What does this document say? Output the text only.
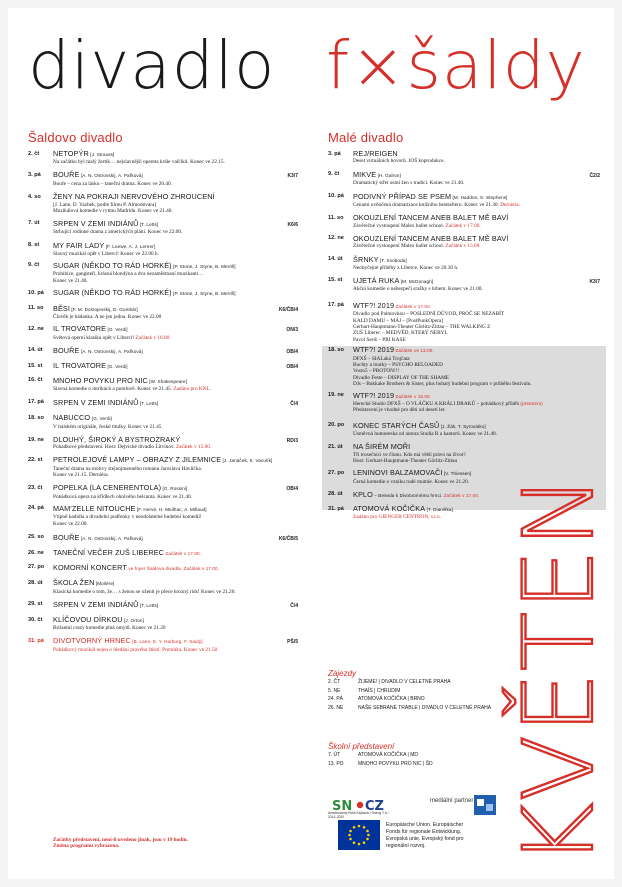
divadlo f×šaldy
Šaldovo divadlo	Malé divadlo
2. čt	NETOPÝR [J. Strauss]
Na začátku byl malý žertík… nejslavnější opereta krále valčíků. Konec ve 22.15.
3. pá	BOUŘE [A. N. Ostrovskij, A. Pařková]
Bouře – cena za lásku – taneční drama. Konec ve 20.40.
K3/7
4. so	ŽENY NA POKRAJI NERVOVÉHO ZHROUCENÍ
[J. Lane, D. Yazbek, podle filmu P. Almodóvara]
Muzikálová komedie v rytmu Madridu. Konec ve 21.40.
7. út	SRPEN V ZEMI INDIÁNŮ [T. Letts]
Strhující rodinné drama z amerických plání. Konec ve 22.00.
K6/6
8. st	MY FAIR LADY [F. Loewe, A. J. Lerner]
Slavný muzikál opět v Liberci! Konec ve 22.00 h.
9. čt	SUGAR (NĚKDO TO RÁD HORKÉ) [P. Stone, J. Styne, B. Merrill]
Prohibice, gangsteři, krásná blondýna a dva nezaměstnaní muzikanti…
Konec ve 21.40.
10. pá	SUGAR (NĚKDO TO RÁD HORKÉ) [P. Stone, J. Styne, B. Merrill]
11. so	BĚSI [F. M. Dostojevskij, D. Gombár]
Člověk je hádanka. A ne jen jedna. Konec ve 22.00
K6/ČB/4
12. ne	IL TROVATORE [G. Verdi]
Světová operní klasika opět v Liberci! Začátek v 16.00.
ON/3
14. út	BOUŘE [A. N. Ostrovskij, A. Pařková]	OB/4
15. st	IL TROVATORE [G. Verdi]	OB/4
16. čt	MNOHO POVYKU PRO NIC [W. Shakespeare]
Slavná komedie o intrikách a pomluvě. Konec ve 21.45. Zadáno pro KNL.
17. pá	SRPEN V ZEMI INDIÁNŮ [T. Letts]	Č/4
18. so	NABUCCO (G. Verdi)
V italském originále, české titulky. Konec ve 21.45
19. ne	DLOUHÝ, ŠIROKÝ A BYSTROZRAKÝ
Pohádkové představení. Host: Dejvické divadlo Litvínov. Začátek v 15.00.
RD/3
22. st	PETROLEJOVÉ LAMPY – OBRAZY Z JILEMNICE [J. Janáček, K. Vaculík]
Taneční drama na motivy stejnojmenného románu Jaroslava Havlíčka.
Konec ve 21.15. Derniéra.
23. čt	POPELKA (LA CENERENTOLA) [G. Rossini]
Pohádková opera na křídlech ohnivého belcanta. Konec ve 21.40.
OB/4
24. pá	MAM'ZELLE NITOUCHE [F. Hervé, H. Meilhac, A. Millaud]
Vtipně kadidla a divadelní pudřenky v neodolatelné hudební komedii!
Konec ve 22.00.
25. so	BOUŘE [A. N. Ostrovskij, A. Pařková]	K6/ČB/5
26. ne	TANEČNÍ VEČER ZUŠ LIBEREC Začátek v 17.00.
27. po	KOMORNÍ KONCERT ve foyer Šaldova divadla. Začátek v 17.00.
28. út	ŠKOLA ŽEN [Molière]
Klasická komedie o tom, že… s ženou se oženit je přece hrozný risk! Konec ve 21.20.
29. st	SRPEN V ZEMI INDIÁNŮ [T. Letts]	Č/4
30. čt	KLÍČOVOU DÍRKOU [J. Orton]
Brilantní crazy komedie plná omylů. Konec ve 21.20
31. pá	DIVOTVORNÝ HRNEC [B. Lane, E. Y. Harburg, F. Saidy]
Pohádkový muzikál nejen o hledání pravého štěstí. Premiéra. Konec ve 21.50
PŠ/5
3. pá	REJ/REIGEN
Deset virtuálních hovorů. JOŠ koprodukce.
9. čt	MIKVE [H. Galron]
Dramatický střet osmi žen s tradicí. Konec ve 21.40.
Č2/2
10. pá	PODIVNÝ PŘÍPAD SE PSEM [M. Haddon, S. Stephens]
Cenami ověnčená dramatizace knižního bestselleru. Konec ve 21.30. Derniéra.
11. so	OKOUZLENÍ TANCEM ANEB BALET MĚ BAVÍ
Závěrečné vystoupení Malex ballet school. Začátek v 17.00.
12. ne	OKOUZLENÍ TANCEM ANEB BALET MĚ BAVÍ
Závěrečné vystoupení Malex ballet school. Začátek v 15.00.
14. út	ŠRNKY [T. Svoboda]
Neobyčejné příběhy z Liberce. Konec ve 20.30 h.
15. st	UJETÁ RUKA [M. McDonagh]
Akční komedie o nebezpečí sražky s hrbem. Konec ve 21.00.
K3/7
17. pá	WTF?! 2019 Začátek v 17.00.
Divadlo pod Palmovkou – POSLEDNÍ DŮVOD, PROČ SE NEZABÍT
KALD DAMU – MÁJ – [PostPunkOpera]
Gerhart-Hauptmann-Theater Görlitz-Zittau – THE WALKING Z
ZUŠ Liberec – MEDVĚD, KTERÝ NEBYL
Pavol Seriš – PRI KASE
18. so	WTF?! 2019 Začátek ve 13.00.
DFXŠ – SIALaká Trojčata
Buchty a loutky – PSYCHO RELOADED
Vosto5 – PROTON!!!
Divadlo Feste – DISPLAY OF THE SHAME
DJs – Bukkake Brothers & Sister, plus bohatý hudební program v průběhu festivalu.
19. ne	WTF?! 2019 Začátek v 15.00.
Herecké Studio DFXŠ – O VLÁČKU A KRÁLI DRAKŮ – pohádkový příběh (premiéra)
Představení je vhodné pro děti od deseti let.
20. po	KONEC STARÝCH ČASŮ [J. Žák, T. Syrovátko]
Úsměvná humoreska od autora Studia R a kantorů. Konec ve 21.40.
21. út	NA ŠIRÉM MOŘI
Tři trosečníci ve člunu. Kdo má větší právo na život?
Host: Gerhart-Hauptmann-Theater Görlitz-Zittau
27. po	LENINOVI BALZAMOVAČI [V. Thiessen]
Černá komedie o vzniku rudé mumie. Konec ve 21.20.
28. út	KPLO – Beseda k Divotvornému hrnci. Začátek v 17.00.
31. pá	ATOMOVÁ KOČIČKA [T. Dianiška]
Zadáno pro GIENGER CENTRON, s.r.o.
Začátky představení, není-li uvedeno jinak, jsou v 19 hodin.
Změna programu vyhrazena.
Zájezdy
2. ČT	ŽIJEME! | DIVADLO V CELETNÉ PRAHA
5. NE	THAÏS | CHRUDIM
24. PÁ	ATOMOVÁ KOČIČKA | BRNO
26. NE	NAŠE SEBRANÉ TRABLE | DIVADLO V CELETNÉ PRAHA
Školní představení
7. ÚT	ATOMOVÁ KOČIČKA | MD
13. PO	MNOHO POVYKU PRO NIC | ŠD KVĚTEN
SN CZ
Akreditovanej Ruše Kadlatus / Ostrog Y A / 2014–2020
mediální partner
Europäische Union. Europäischer
Fonds für regionale Entwicklung.
Evropská unie. Evropský fond pro
regionální rozvoj.
